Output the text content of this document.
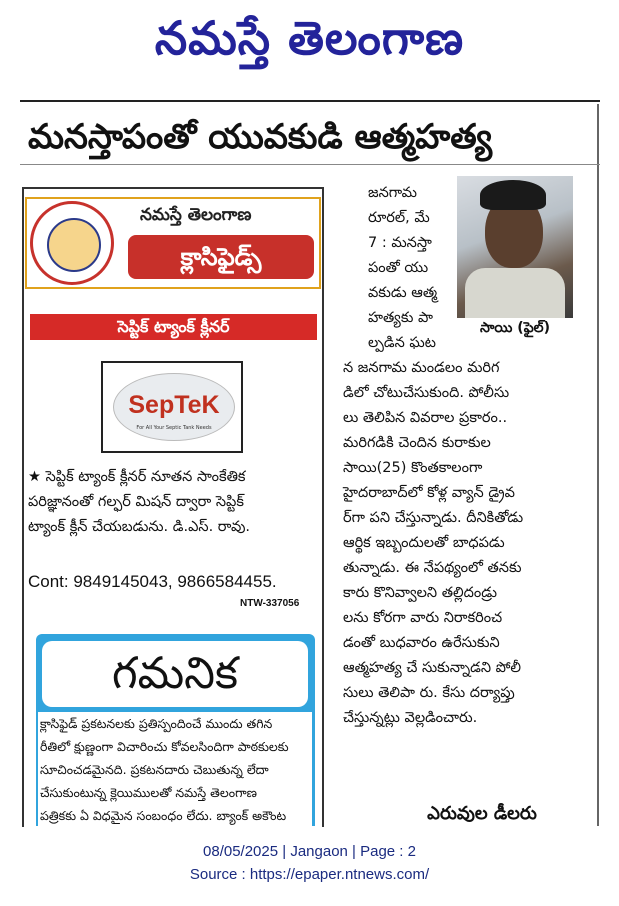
నమస్తే తెలంగాణ
మనస్తాపంతో యువకుడి ఆత్మహత్య
నమస్తే తెలంగాణ
క్లాసిఫైడ్స్
సెప్టిక్ ట్యాంక్ క్లీనర్
SepTeK
For All Your Septic Tank Needs
★ సెప్టిక్ ట్యాంక్ క్లీనర్ నూతన సాంకేతిక
పరిజ్ఞానంతో గల్ఫర్ మిషన్ ద్వారా సెప్టిక్
ట్యాంక్ క్లీన్ చేయబడును. డి.ఎస్. రావు.
Cont: 9849145043, 9866584455.
NTW-337056
గమనిక
క్లాసిఫైడ్ ప్రకటనలకు ప్రతిస్పందించే ముందు తగిన
రీతిలో క్షుణ్ణంగా విచారించు కోవలసిందిగా పాఠకులకు
సూచించడమైనది. ప్రకటనదారు చెబుతున్న లేదా
చేసుకుంటున్న క్లెయిములతో నమస్తే తెలంగాణ
పత్రికకు ఏ విధమైన సంబంధం లేదు. బ్యాంక్ అకౌంట
జనగామ
రూరల్, మే
7 : మనస్తా
పంతో యు
వకుడు ఆత్మ
హత్యకు పా
ల్పడిన ఘట
సాయి (ఫైల్)
న జనగామ మండలం మరిగ
డిలో చోటుచేసుకుంది. పోలీసు
లు తెలిపిన వివరాల ప్రకారం..
మరిగడికి చెందిన కురాకుల
సాయి(25) కొంతకాలంగా
హైదరాబాద్‌లో కోళ్ల వ్యాన్ డ్రైవ
ర్‌గా పని చేస్తున్నాడు. దీనికితోడు
ఆర్థిక ఇబ్బందులతో బాధపడు
తున్నాడు. ఈ నేపథ్యంలో తనకు
కారు కొనివ్వాలని తల్లిదండ్రు
లను కోరగా వారు నిరాకరించ
డంతో బుధవారం ఉరేసుకుని
ఆత్మహత్య చే సుకున్నాడని పోలీ
సులు తెలిపా రు. కేసు దర్యాప్తు
చేస్తున్నట్లు వెల్లడించారు.
ఎరువుల డీలరు
08/05/2025 | Jangaon | Page : 2
Source : https://epaper.ntnews.com/
